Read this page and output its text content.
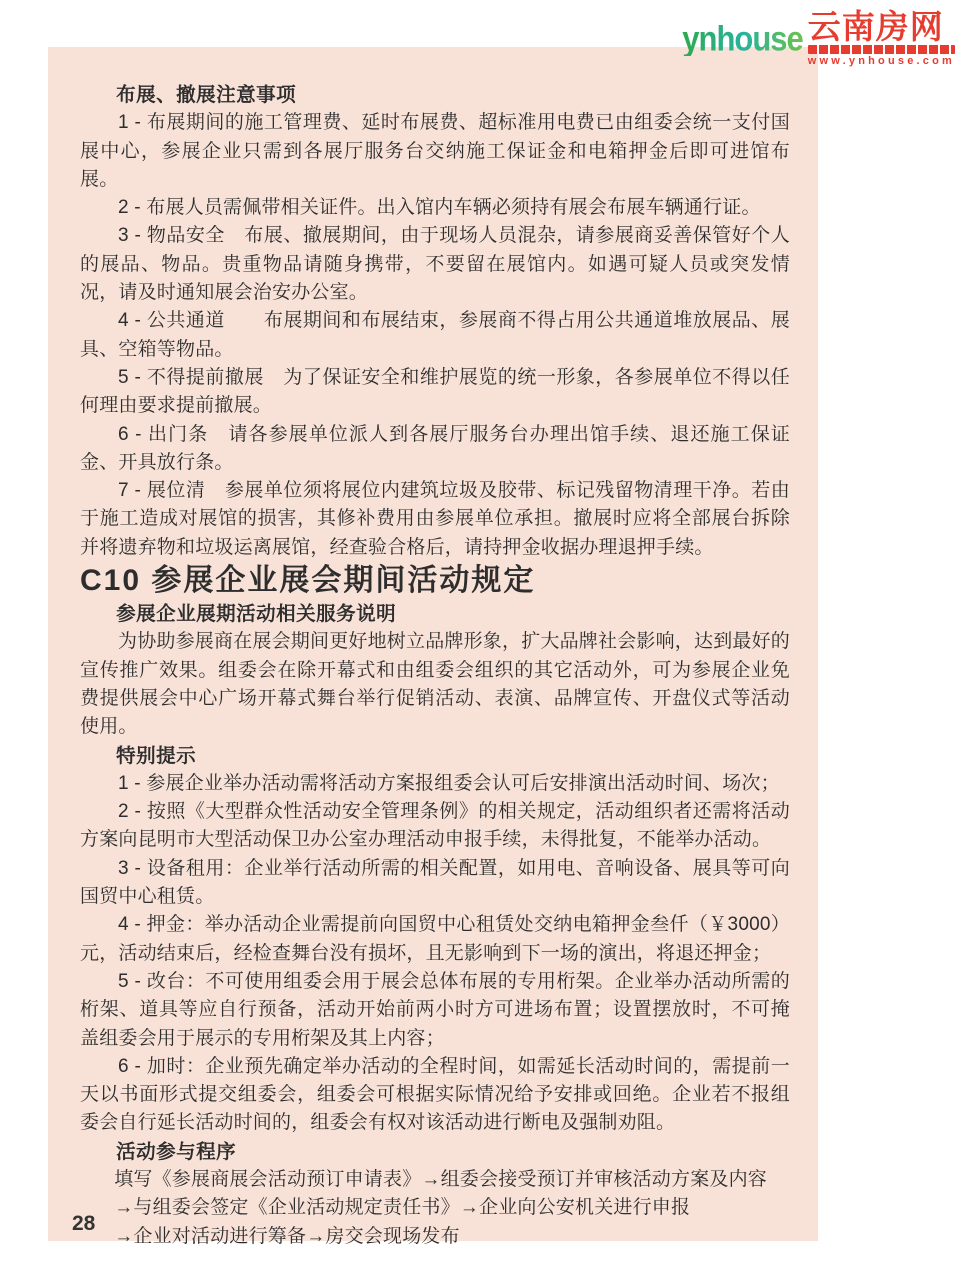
ynhouse 云南房网
www.ynhouse.com
布展、撤展注意事项

1 - 布展期间的施工管理费、延时布展费、超标准用电费已由组委会统一支付国展中心，参展企业只需到各展厅服务台交纳施工保证金和电箱押金后即可进馆布展。

2 - 布展人员需佩带相关证件。出入馆内车辆必须持有展会布展车辆通行证。

3 - 物品安全　布展、撤展期间，由于现场人员混杂，请参展商妥善保管好个人的展品、物品。贵重物品请随身携带，不要留在展馆内。如遇可疑人员或突发情况，请及时通知展会治安办公室。

4 - 公共通道　　布展期间和布展结束，参展商不得占用公共通道堆放展品、展具、空箱等物品。

5 - 不得提前撤展　为了保证安全和维护展览的统一形象，各参展单位不得以任何理由要求提前撤展。

6 - 出门条　请各参展单位派人到各展厅服务台办理出馆手续、退还施工保证金、开具放行条。

7 - 展位清　参展单位须将展位内建筑垃圾及胶带、标记残留物清理干净。若由于施工造成对展馆的损害，其修补费用由参展单位承担。撤展时应将全部展台拆除并将遗弃物和垃圾运离展馆，经查验合格后，请持押金收据办理退押手续。

C10 参展企业展会期间活动规定
参展企业展期活动相关服务说明

为协助参展商在展会期间更好地树立品牌形象，扩大品牌社会影响，达到最好的宣传推广效果。组委会在除开幕式和由组委会组织的其它活动外，可为参展企业免费提供展会中心广场开幕式舞台举行促销活动、表演、品牌宣传、开盘仪式等活动使用。

特别提示

1 - 参展企业举办活动需将活动方案报组委会认可后安排演出活动时间、场次；

2 - 按照《大型群众性活动安全管理条例》的相关规定，活动组织者还需将活动方案向昆明市大型活动保卫办公室办理活动申报手续，未得批复，不能举办活动。

3 - 设备租用：企业举行活动所需的相关配置，如用电、音响设备、展具等可向国贸中心租赁。

4 - 押金：举办活动企业需提前向国贸中心租赁处交纳电箱押金叁仟（￥3000）元，活动结束后，经检查舞台没有损坏，且无影响到下一场的演出，将退还押金；

5 - 改台：不可使用组委会用于展会总体布展的专用桁架。企业举办活动所需的桁架、道具等应自行预备，活动开始前两小时方可进场布置；设置摆放时，不可掩盖组委会用于展示的专用桁架及其上内容；

6 - 加时：企业预先确定举办活动的全程时间，如需延长活动时间的，需提前一天以书面形式提交组委会，组委会可根据实际情况给予安排或回绝。企业若不报组委会自行延长活动时间的，组委会有权对该活动进行断电及强制劝阻。

活动参与程序

填写《参展商展会活动预订申请表》→组委会接受预订并审核活动方案及内容

→与组委会签定《企业活动规定责任书》→企业向公安机关进行申报

→企业对活动进行筹备→房交会现场发布

28
